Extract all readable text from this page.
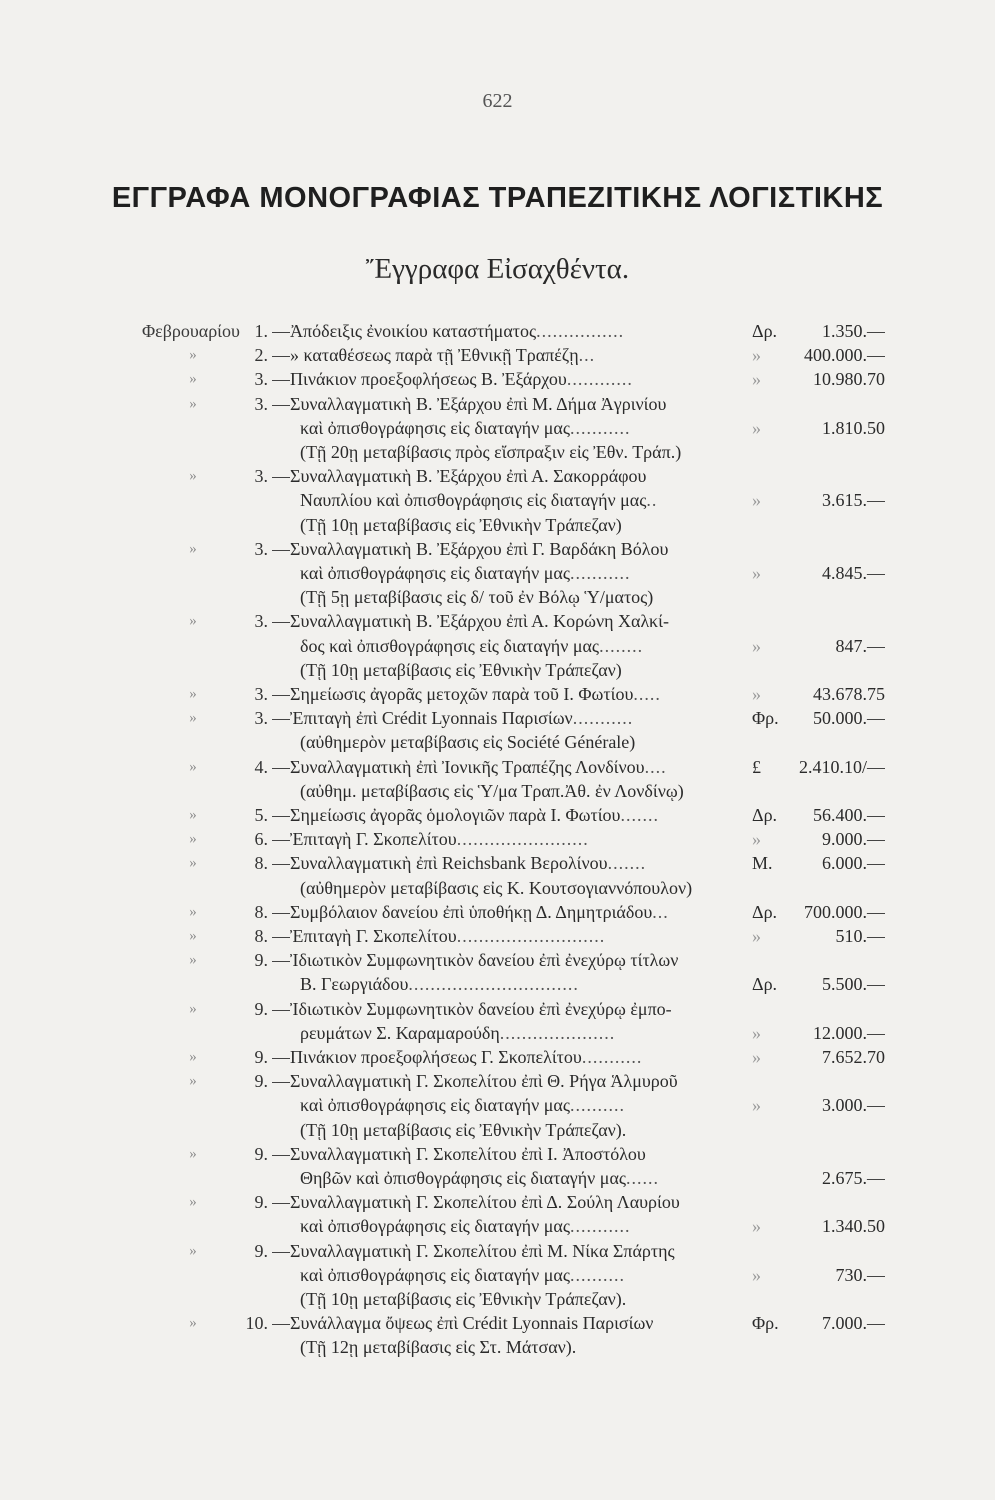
622
ΕΓΓΡΑΦΑ ΜΟΝΟΓΡΑΦΙΑΣ ΤΡΑΠΕΖΙΤΙΚΗΣ ΛΟΓΙΣΤΙΚΗΣ
Ἔγγραφα Εἰσαχθέντα.
Φεβρουαρίου 1. — Ἀπόδειξις ἐνοικίου καταστήματος................	Δρ.	1.350.—
»	2. — » καταθέσεως παρὰ τῇ Ἐθνικῇ Τραπέζῃ...	»	400.000.—
»	3. — Πινάκιον προεξοφλήσεως Β. Ἐξάρχου............	»	10.980.70
»	3. — Συναλλαγματικὴ Β. Ἐξάρχου ἐπὶ Μ. Δήμα Ἀγρινίου
καὶ ὀπισθογράφησις εἰς διαταγήν μας...........	»	1.810.50
(Τῇ 20ῃ μεταβίβασις πρὸς εἴσπραξιν εἰς Ἐθν. Τράπ.)
»	3. — Συναλλαγματικὴ Β. Ἐξάρχου ἐπὶ Α. Σακορράφου
Ναυπλίου καὶ ὀπισθογράφησις εἰς διαταγήν μας..	»	3.615.—
(Τῇ 10ῃ μεταβίβασις εἰς Ἐθνικὴν Τράπεζαν)
»	3. — Συναλλαγματικὴ Β. Ἐξάρχου ἐπὶ Γ. Βαρδάκη Βόλου
καὶ ὀπισθογράφησις εἰς διαταγήν μας...........	»	4.845.—
(Τῇ 5ῃ μεταβίβασις εἰς δ/ τοῦ ἐν Βόλῳ Ὑ/ματος)
»	3. — Συναλλαγματικὴ Β. Ἐξάρχου ἐπὶ Α. Κορώνη Χαλκί-
δος καὶ ὀπισθογράφησις εἰς διαταγήν μας........	»	847.—
(Τῇ 10ῃ μεταβίβασις εἰς Ἐθνικὴν Τράπεζαν)
»	3. — Σημείωσις ἀγορᾶς μετοχῶν παρὰ τοῦ Ι. Φωτίου.....	»	43.678.75
»	3. — Ἐπιταγὴ ἐπὶ Crédit Lyonnais Παρισίων...........	Φρ.	50.000.—
(αὐθημερὸν μεταβίβασις εἰς Société Générale)
»	4. — Συναλλαγματικὴ ἐπὶ Ἰονικῆς Τραπέζης Λονδίνου....	£	2.410.10/—
(αὐθημ. μεταβίβασις εἰς Ὑ/μα Τραπ.Ἀθ. ἐν Λονδίνῳ)
»	5. — Σημείωσις ἀγορᾶς ὁμολογιῶν παρὰ Ι. Φωτίου.......	Δρ.	56.400.—
»	6. — Ἐπιταγὴ Γ. Σκοπελίτου........................	»	9.000.—
»	8. — Συναλλαγματικὴ ἐπὶ Reichsbank Βερολίνου.......	Μ.	6.000.—
(αὐθημερὸν μεταβίβασις εἰς Κ. Κουτσογιαννόπουλον)
»	8. — Συμβόλαιον δανείου ἐπὶ ὑποθήκῃ Δ. Δημητριάδου...	Δρ.	700.000.—
»	8. — Ἐπιταγὴ Γ. Σκοπελίτου...........................	»	510.—
»	9. — Ἰδιωτικὸν Συμφωνητικὸν δανείου ἐπὶ ἐνεχύρῳ τίτλων
Β. Γεωργιάδου...............................	Δρ.	5.500.—
»	9. — Ἰδιωτικὸν Συμφωνητικὸν δανείου ἐπὶ ἐνεχύρῳ ἐμπο-
ρευμάτων Σ. Καραμαρούδη.....................	»	12.000.—
»	9. — Πινάκιον προεξοφλήσεως Γ. Σκοπελίτου...........	»	7.652.70
»	9. — Συναλλαγματικὴ Γ. Σκοπελίτου ἐπὶ Θ. Ρήγα Ἁλμυροῦ
καὶ ὀπισθογράφησις εἰς διαταγήν μας..........	»	3.000.—
(Τῇ 10ῃ μεταβίβασις εἰς Ἐθνικὴν Τράπεζαν).
»	9. — Συναλλαγματικὴ Γ. Σκοπελίτου ἐπὶ Ι. Ἀποστόλου
Θηβῶν καὶ ὀπισθογράφησις εἰς διαταγήν μας......	2.675.—
»	9. — Συναλλαγματικὴ Γ. Σκοπελίτου ἐπὶ Δ. Σούλη Λαυρίου
καὶ ὀπισθογράφησις εἰς διαταγήν μας...........	»	1.340.50
»	9. — Συναλλαγματικὴ Γ. Σκοπελίτου ἐπὶ Μ. Νίκα Σπάρτης
καὶ ὀπισθογράφησις εἰς διαταγήν μας..........	»	730.—
(Τῇ 10ῃ μεταβίβασις εἰς Ἐθνικὴν Τράπεζαν).
»	10. — Συνάλλαγμα ὄψεως ἐπὶ Crédit Lyonnais Παρισίων	Φρ.	7.000.—
(Τῇ 12ῃ μεταβίβασις εἰς Στ. Μάτσαν).
